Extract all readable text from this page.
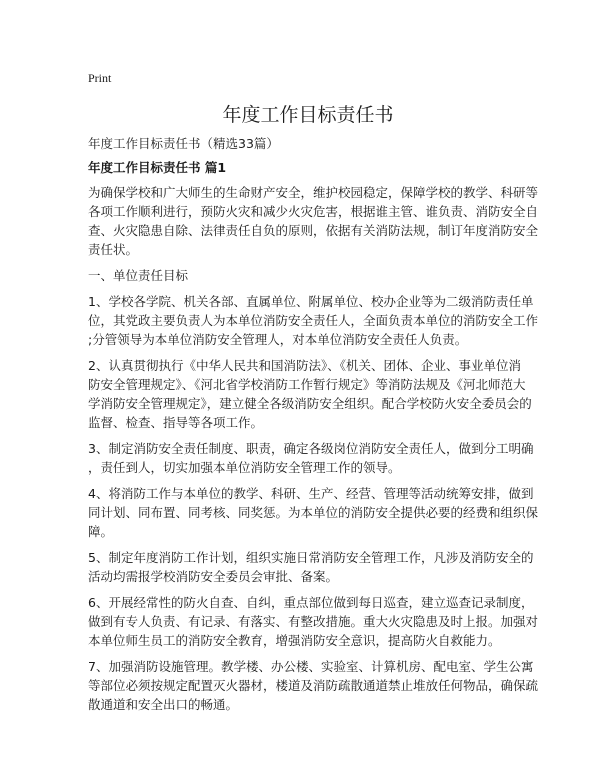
Print
年度工作目标责任书
年度工作目标责任书（精选33篇）
年度工作目标责任书 篇1
为确保学校和广大师生的生命财产安全，维护校园稳定，保障学校的教学、科研等
各项工作顺利进行，预防火灾和减少火灾危害，根据谁主管、谁负责、消防安全自
查、火灾隐患自除、法律责任自负的原则，依据有关消防法规，制订年度消防安全
责任状。
一、单位责任目标
1、学校各学院、机关各部、直属单位、附属单位、校办企业等为二级消防责任单
位，其党政主要负责人为本单位消防安全责任人，全面负责本单位的消防安全工作
;分管领导为本单位消防安全管理人，对本单位消防安全责任人负责。
2、认真贯彻执行《中华人民共和国消防法》、《机关、团体、企业、事业单位消
防安全管理规定》、《河北省学校消防工作暂行规定》等消防法规及《河北师范大
学消防安全管理规定》，建立健全各级消防安全组织。配合学校防火安全委员会的
监督、检查、指导等各项工作。
3、制定消防安全责任制度、职责，确定各级岗位消防安全责任人，做到分工明确
，责任到人，切实加强本单位消防安全管理工作的领导。
4、将消防工作与本单位的教学、科研、生产、经营、管理等活动统筹安排，做到
同计划、同布置、同考核、同奖惩。为本单位的消防安全提供必要的经费和组织保
障。
5、制定年度消防工作计划，组织实施日常消防安全管理工作，凡涉及消防安全的
活动均需报学校消防安全委员会审批、备案。
6、开展经常性的防火自查、自纠，重点部位做到每日巡查，建立巡查记录制度，
做到有专人负责、有记录、有落实、有整改措施。重大火灾隐患及时上报。加强对
本单位师生员工的消防安全教育，增强消防安全意识，提高防火自救能力。
7、加强消防设施管理。教学楼、办公楼、实验室、计算机房、配电室、学生公寓
等部位必须按规定配置灭火器材，楼道及消防疏散通道禁止堆放任何物品，确保疏
散通道和安全出口的畅通。
